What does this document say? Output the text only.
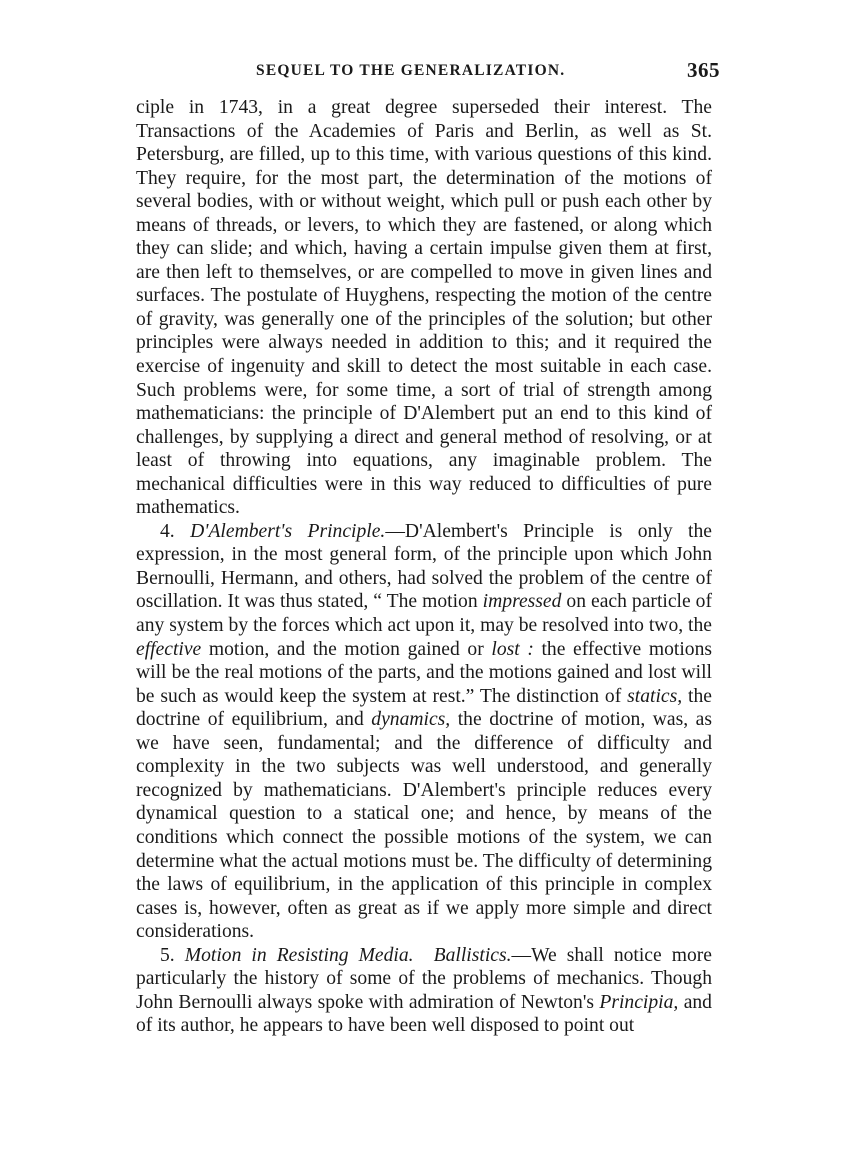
SEQUEL TO THE GENERALIZATION.	365

ciple in 1743, in a great degree superseded their interest. The Transactions of the Academies of Paris and Berlin, as well as St. Petersburg, are filled, up to this time, with various questions of this kind. They require, for the most part, the determination of the motions of several bodies, with or without weight, which pull or push each other by means of threads, or levers, to which they are fastened, or along which they can slide; and which, having a certain impulse given them at first, are then left to themselves, or are compelled to move in given lines and surfaces. The postulate of Huyghens, respecting the motion of the centre of gravity, was generally one of the principles of the solution; but other principles were always needed in addition to this; and it required the exercise of ingenuity and skill to detect the most suitable in each case. Such problems were, for some time, a sort of trial of strength among mathematicians: the principle of D'Alembert put an end to this kind of challenges, by supplying a direct and general method of resolving, or at least of throwing into equations, any imaginable problem. The mechanical difficulties were in this way reduced to difficulties of pure mathematics.

4. D'Alembert's Principle.—D'Alembert's Principle is only the expression, in the most general form, of the principle upon which John Bernoulli, Hermann, and others, had solved the problem of the centre of oscillation. It was thus stated, “ The motion impressed on each particle of any system by the forces which act upon it, may be resolved into two, the effective motion, and the motion gained or lost : the effective motions will be the real motions of the parts, and the motions gained and lost will be such as would keep the system at rest.” The distinction of statics, the doctrine of equilibrium, and dynamics, the doctrine of motion, was, as we have seen, fundamental; and the difference of difficulty and complexity in the two subjects was well understood, and generally recognized by mathematicians. D'Alembert's principle reduces every dynamical question to a statical one; and hence, by means of the conditions which connect the possible motions of the system, we can determine what the actual motions must be. The difficulty of determining the laws of equilibrium, in the application of this principle in complex cases is, however, often as great as if we apply more simple and direct considerations.

5. Motion in Resisting Media. Ballistics.—We shall notice more particularly the history of some of the problems of mechanics. Though John Bernoulli always spoke with admiration of Newton's Principia, and of its author, he appears to have been well disposed to point out
